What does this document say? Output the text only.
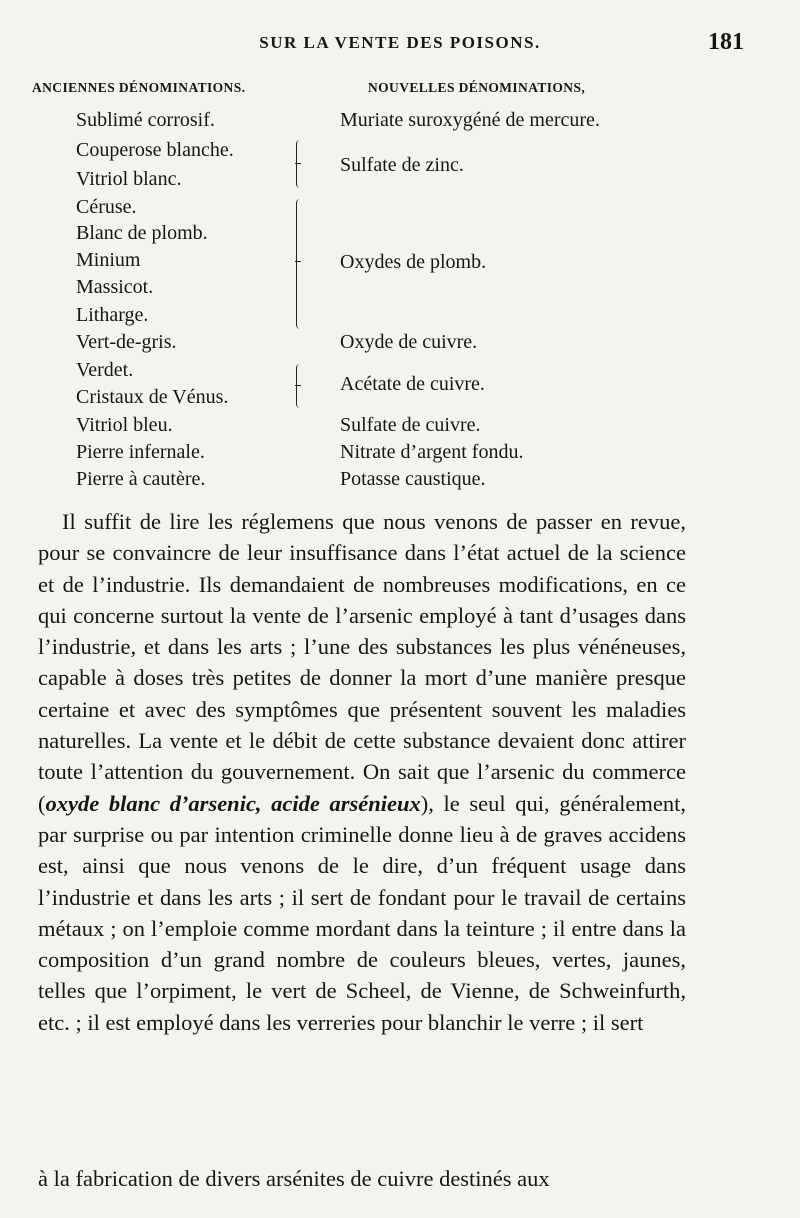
SUR LA VENTE DES POISONS.	181
ANCIENNES DÉNOMINATIONS.	NOUVELLES DÉNOMINATIONS,
Sublimé corrosif.
Couperose blanche.
Vitriol blanc.
Céruse.
Blanc de plomb.
Minium
Massicot.
Litharge.
Vert-de-gris.
Verdet.
Cristaux de Vénus.
Vitriol bleu.
Pierre infernale.
Pierre à cautère.
Muriate suroxygéné de mercure.
Sulfate de zinc.
Oxydes de plomb.
Oxyde de cuivre.
Acétate de cuivre.
Sulfate de cuivre.
Nitrate d’argent fondu.
Potasse caustique.

Il suffit de lire les réglemens que nous venons de passer en revue, pour se convaincre de leur insuffisance dans l’état actuel de la science et de l’industrie. Ils demandaient de nombreuses modifications, en ce qui concerne surtout la vente de l’arsenic employé à tant d’usages dans l’industrie, et dans les arts ; l’une des substances les plus vénéneuses, capable à doses très petites de donner la mort d’une manière presque certaine et avec des symptômes que présentent souvent les maladies naturelles. La vente et le débit de cette substance devaient donc attirer toute l’attention du gouvernement. On sait que l’arsenic du commerce (oxyde blanc d’arsenic, acide arsénieux), le seul qui, généralement, par surprise ou par intention criminelle donne lieu à de graves accidens est, ainsi que nous venons de le dire, d’un fréquent usage dans l’industrie et dans les arts ; il sert de fondant pour le travail de certains métaux ; on l’emploie comme mordant dans la teinture ; il entre dans la composition d’un grand nombre de couleurs bleues, vertes, jaunes, telles que l’orpiment, le vert de Scheel, de Vienne, de Schweinfurth, etc. ; il est employé dans les verreries pour blanchir le verre ; il sert

à la fabrication de divers arsénites de cuivre destinés aux
